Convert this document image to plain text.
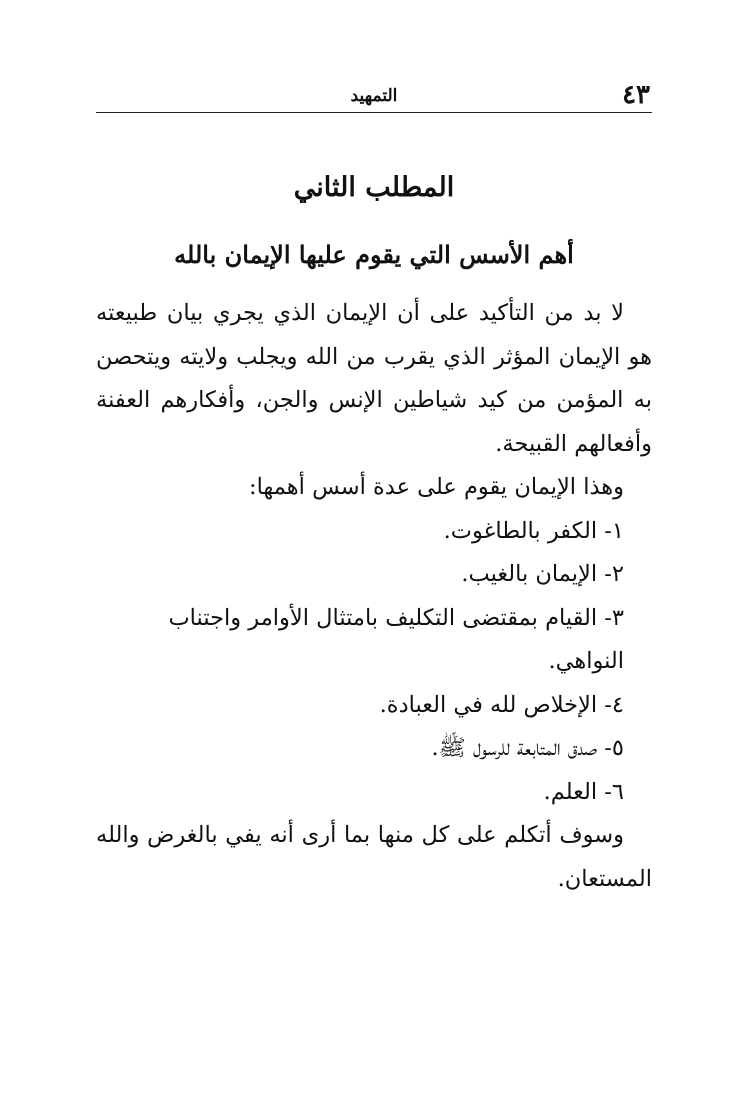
٤٣
التمهيد
المطلب الثاني
أهم الأسس التي يقوم عليها الإيمان بالله

لا بد من التأكيد على أن الإيمان الذي يجري بيان طبيعته هو الإيمان المؤثر الذي يقرب من الله ويجلب ولايته ويتحصن به المؤمن من كيد شياطين الإنس والجن، وأفكارهم العفنة وأفعالهم القبيحة.

وهذا الإيمان يقوم على عدة أسس أهمها:

١- الكفر بالطاغوت.
٢- الإيمان بالغيب.
٣- القيام بمقتضى التكليف بامتثال الأوامر واجتناب النواهي.
٤- الإخلاص لله في العبادة.
٥- صدق المتابعة للرسول ﷺ.
٦- العلم.

وسوف أتكلم على كل منها بما أرى أنه يفي بالغرض والله المستعان.
